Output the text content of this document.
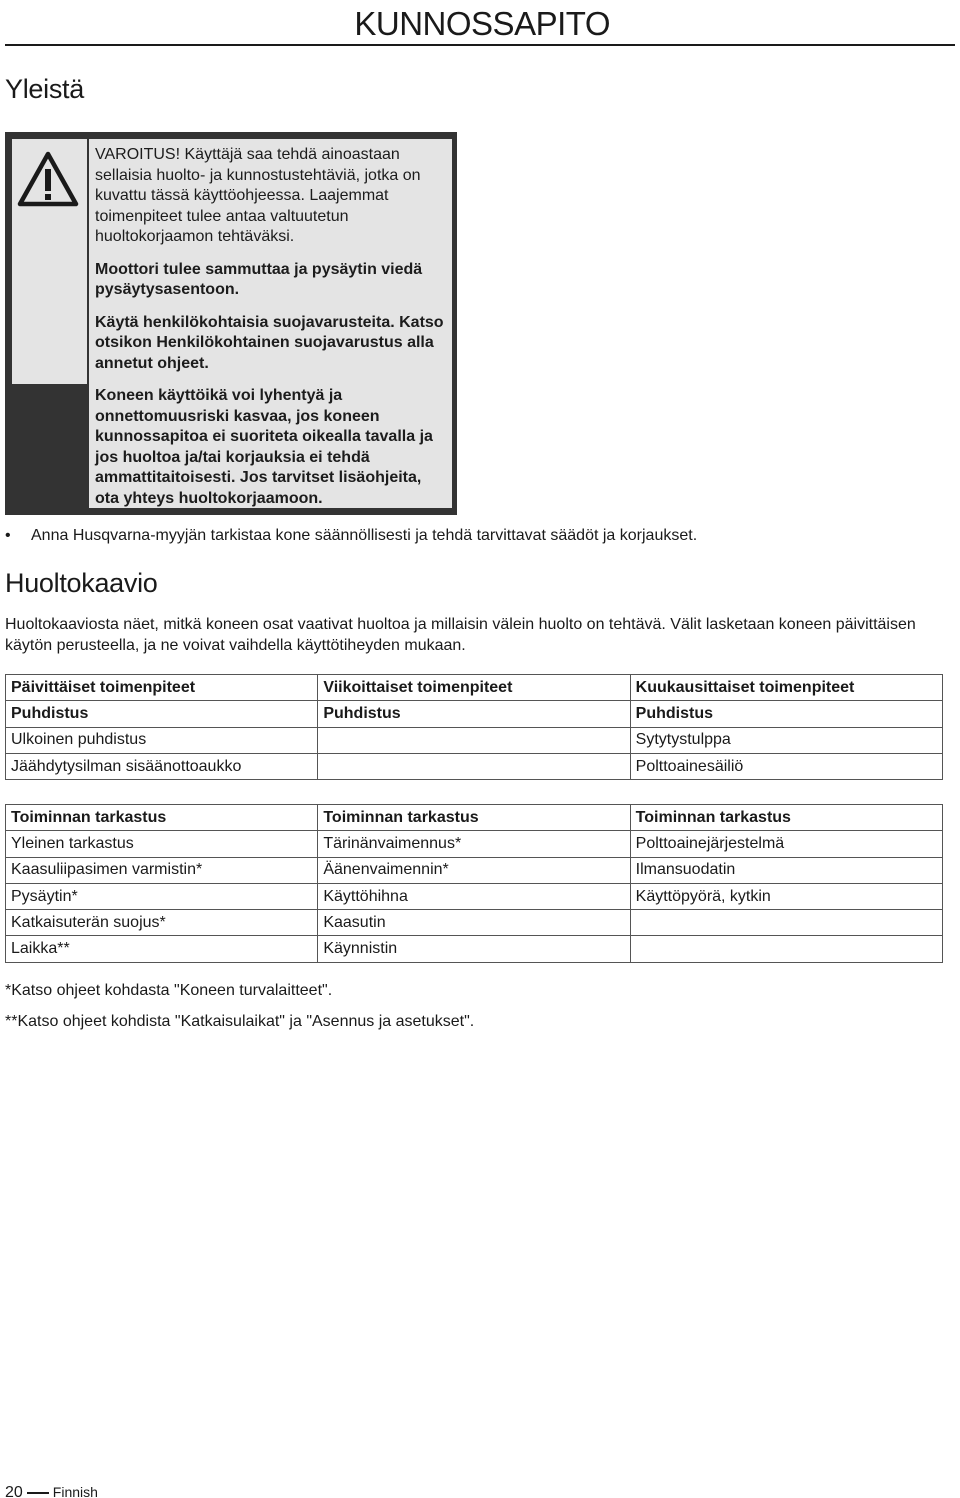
KUNNOSSAPITO
Yleistä

VAROITUS! Käyttäjä saa tehdä ainoastaan sellaisia huolto- ja kunnostustehtäviä, jotka on kuvattu tässä käyttöohjeessa. Laajemmat toimenpiteet tulee antaa valtuutetun huoltokorjaamon tehtäväksi.

Moottori tulee sammuttaa ja pysäytin viedä pysäytysasentoon.

Käytä henkilökohtaisia suojavarusteita. Katso otsikon Henkilökohtainen suojavarustus alla annetut ohjeet.

Koneen käyttöikä voi lyhentyä ja onnettomuusriski kasvaa, jos koneen kunnossapitoa ei suoriteta oikealla tavalla ja jos huoltoa ja/tai korjauksia ei tehdä ammattitaitoisesti. Jos tarvitset lisäohjeita, ota yhteys huoltokorjaamoon.

• Anna Husqvarna-myyjän tarkistaa kone säännöllisesti ja tehdä tarvittavat säädöt ja korjaukset.
Huoltokaavio

Huoltokaaviosta näet, mitkä koneen osat vaativat huoltoa ja millaisin välein huolto on tehtävä. Välit lasketaan koneen päivittäisen käytön perusteella, ja ne voivat vaihdella käyttötiheyden mukaan.

Päivittäiset toimenpiteet	Viikoittaiset toimenpiteet	Kuukausittaiset toimenpiteet
Puhdistus	Puhdistus	Puhdistus
Ulkoinen puhdistus		Sytytystulppa
Jäähdytysilman sisäänottoaukko		Polttoainesäiliö
Toiminnan tarkastus	Toiminnan tarkastus	Toiminnan tarkastus
Yleinen tarkastus	Tärinänvaimennus*	Polttoainejärjestelmä
Kaasuliipasimen varmistin*	Äänenvaimennin*	Ilmansuodatin
Pysäytin*	Käyttöhihna	Käyttöpyörä, kytkin
Katkaisuterän suojus*	Kaasutin	
Laikka**	Käynnistin	

*Katso ohjeet kohdasta "Koneen turvalaitteet".

**Katso ohjeet kohdista "Katkaisulaikat" ja "Asennus ja asetukset".

20 Finnish
